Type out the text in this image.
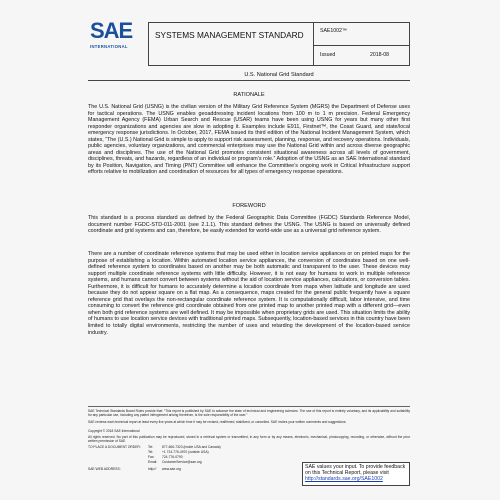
SAE
INTERNATIONAL
SYSTEMS MANAGEMENT STANDARD	SAE1002™
Issued	2018-08
U.S. National Grid Standard
RATIONALE
The U.S. National Grid (USNG) is the civilian version of the Military Grid Reference System (MGRS) the Department of Defense uses for tactical operations. The USNG enables geoaddressing incident locations from 100 m to 1 m precision. Federal Emergency Management Agency (FEMA) Urban Search and Rescue (USAR) teams have been using USNG for years but many other first responder organizations and agencies are slow in adopting it. Examples include E911, Firstnet™, the Coast Guard, and state/local emergency response jurisdictions. In October, 2017, FEMA issued its third edition of the National Incident Management System, which states, “The (U.S.) National Grid is simple to apply to support risk assessment, planning, response, and recovery operations. Individuals, public agencies, voluntary organizations, and commercial enterprises may use the National Grid within and across diverse geographic areas and disciplines. The use of the National Grid promotes consistent situational awareness across all levels of government, disciplines, threats, and hazards, regardless of an individual or program’s role.” Adoption of the USNG as an SAE International standard by its Position, Navigation, and Timing (PNT) Committee will enhance the Committee’s ongoing work in Critical Infrastructure support efforts relative to mobilization and coordination of resources for all types of emergency response operations.
FOREWORD
This standard is a process standard as defined by the Federal Geographic Data Committee (FGDC) Standards Reference Model, document number FGDC-STD-011-2001 (see 2.1.1). This standard defines the USNG. The USNG is based on universally defined coordinate and grid systems and can, therefore, be easily extended for world-wide use as a universal grid reference system.
There are a number of coordinate reference systems that may be used either in location service appliances or on printed maps for the purpose of establishing a location. Within automated location service appliances, the conversion of coordinates based on one well-defined reference system to coordinates based on another may be both automatic and transparent to the user. These devices may support multiple coordinate reference systems with little difficulty. However, it is not easy for humans to work in multiple reference systems, and humans cannot convert between systems without the aid of location service appliances, calculators, or conversion tables. Furthermore, it is difficult for humans to accurately determine a location coordinate from maps when latitude and longitude are used because they do not appear square on a flat map. As a consequence, maps created for the general public frequently have a square reference grid that overlays the non-rectangular coordinate reference system. It is computationally difficult, labor intensive, and time consuming to convert the reference grid coordinate obtained from one printed map to another printed map with a different grid—even when both grid reference systems are well defined. It may be impossible when proprietary grids are used. This situation limits the ability of humans to use location service devices with traditional printed maps. Subsequently, location-based services in this country have been limited to totally digital environments, restricting the number of uses and retarding the development of the location-based service industry.
SAE Technical Standards Board Rules provide that: “This report is published by SAE to advance the state of technical and engineering sciences. The use of this report is entirely voluntary, and its applicability and suitability for any particular use, including any patent infringement arising therefrom, is the sole responsibility of the user.”
SAE reviews each technical report at least every five years at which time it may be revised, reaffirmed, stabilized, or cancelled. SAE invites your written comments and suggestions.
Copyright © 2018 SAE International
All rights reserved. No part of this publication may be reproduced, stored in a retrieval system or transmitted, in any form or by any means, electronic, mechanical, photocopying, recording, or otherwise, without the prior written permission of SAE.
TO PLACE A DOCUMENT ORDER: Tel:	877-606-7323 (inside USA and Canada)
Tel:	+1 724-776-4970 (outside USA)
Fax: 724-776-0790
Email: CustomerService@sae.org
SAE WEB ADDRESS:	http:// www.sae.org	SAE values your input. To provide feedback
on this Technical Report, please visit
http://standards.sae.org/SAE1002
